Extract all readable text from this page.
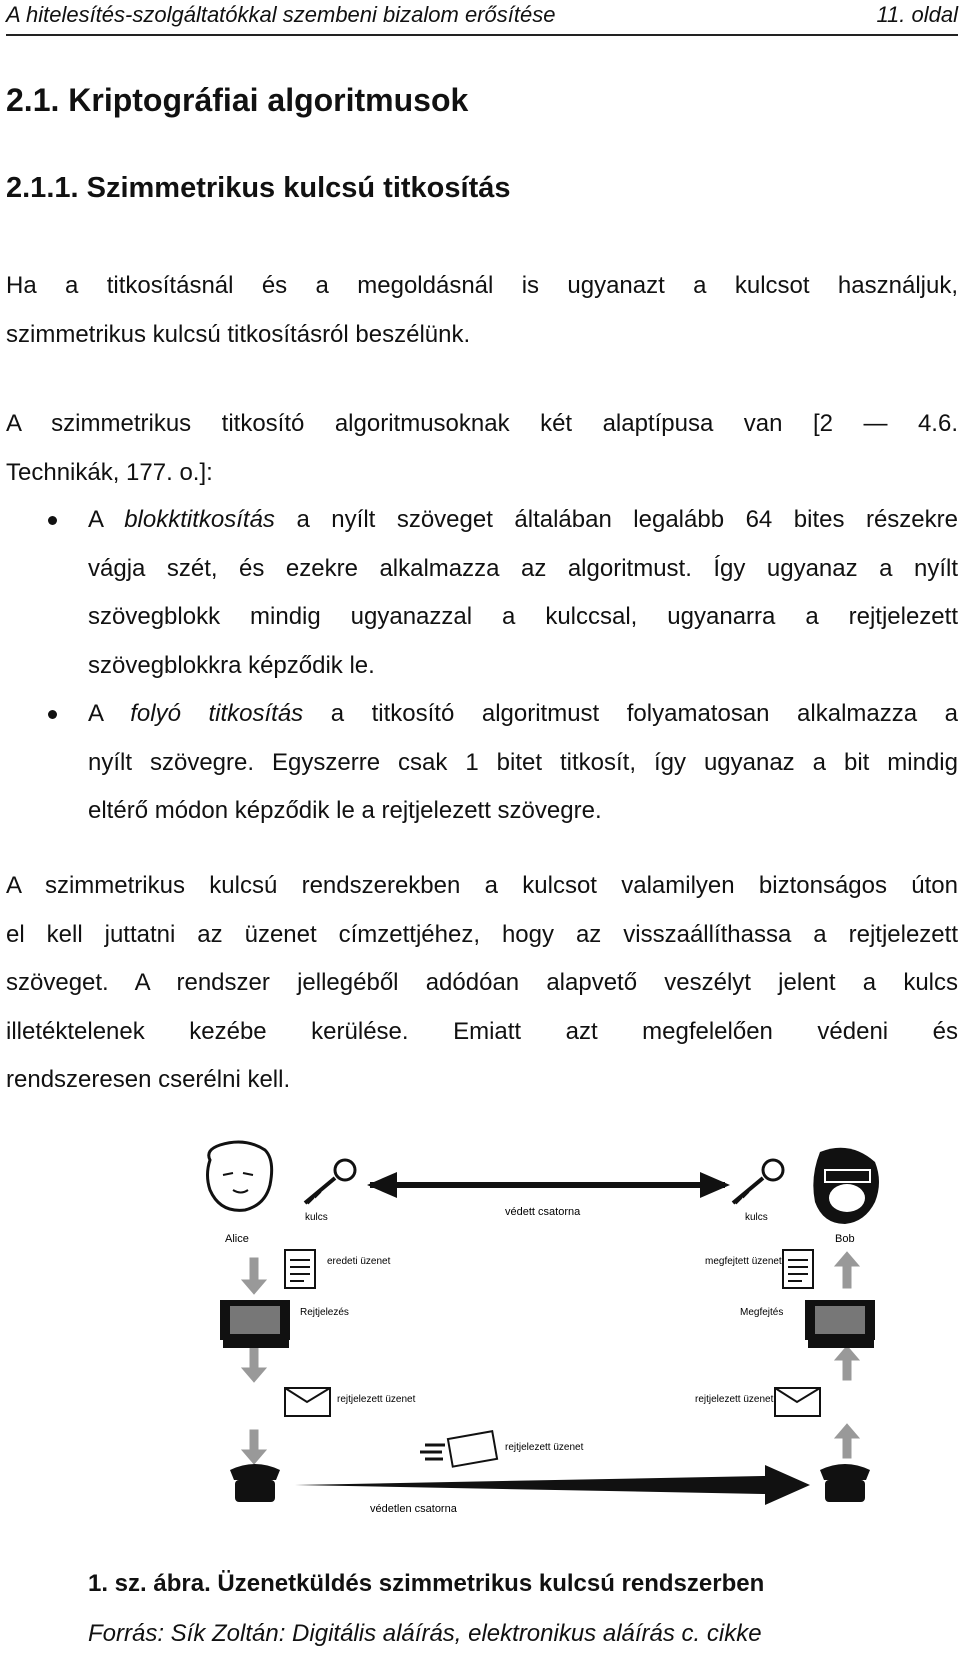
A hitelesítés-szolgáltatókkal szembeni bizalom erősítése	11. oldal
2.1. Kriptográfiai algoritmusok
2.1.1. Szimmetrikus kulcsú titkosítás
Ha a titkosításnál és a megoldásnál is ugyanazt a kulcsot használjuk,
szimmetrikus kulcsú titkosításról beszélünk.
A szimmetrikus titkosító algoritmusoknak két alaptípusa van [2 — 4.6.
Technikák, 177. o.]:
A blokktitkosítás a nyílt szöveget általában legalább 64 bites részekre
vágja szét, és ezekre alkalmazza az algoritmust. Így ugyanaz a nyílt
szövegblokk mindig ugyanazzal a kulccsal, ugyanarra a rejtjelezett
szövegblokkra képződik le.
A folyó titkosítás a titkosító algoritmust folyamatosan alkalmazza a
nyílt szövegre. Egyszerre csak 1 bitet titkosít, így ugyanaz a bit mindig
eltérő módon képződik le a rejtjelezett szövegre.
A szimmetrikus kulcsú rendszerekben a kulcsot valamilyen biztonságos úton
el kell juttatni az üzenet címzettjéhez, hogy az visszaállíthassa a rejtjelezett
szöveget. A rendszer jellegéből adódóan alapvető veszélyt jelent a kulcs
illetéktelenek kezébe kerülése. Emiatt azt megfelelően védeni és
rendszeresen cserélni kell.
Alice	Bob
kulcs	kulcs
védett csatorna
eredeti üzenet	megfejtett üzenet
Rejtjelezés	Megfejtés
rejtjelezett üzenet	rejtjelezett üzenet
rejtjelezett üzenet
védetlen csatorna
1. sz. ábra. Üzenetküldés szimmetrikus kulcsú rendszerben
Forrás: Sík Zoltán: Digitális aláírás, elektronikus aláírás c. cikke
